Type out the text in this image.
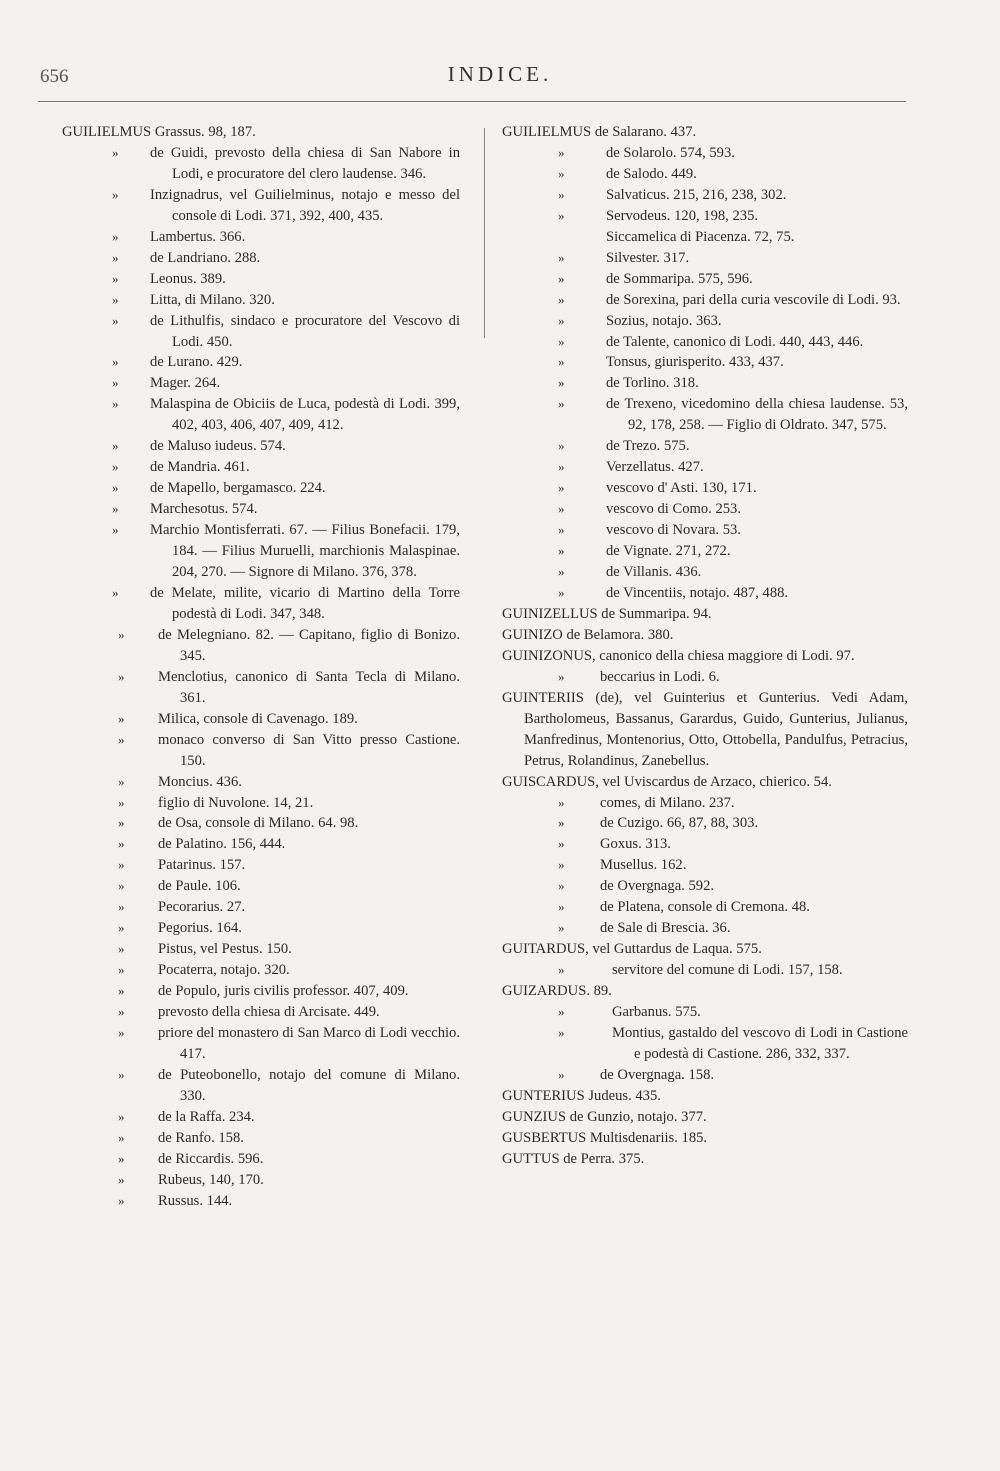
656	INDICE.
GUILIELMUS Grassus. 98, 187.
» de Guidi, prevosto della chiesa di San Nabore in Lodi, e procuratore del clero laudense. 346.
» Inzignadrus, vel Guilielminus, notajo e messo del console di Lodi. 371, 392, 400, 435.
» Lambertus. 366.
» de Landriano. 288.
» Leonus. 389.
» Litta, di Milano. 320.
» de Lithulfis, sindaco e procuratore del Vescovo di Lodi. 450.
» de Lurano. 429.
» Mager. 264.
» Malaspina de Obiciis de Luca, podestà di Lodi. 399, 402, 403, 406, 407, 409, 412.
» de Maluso iudeus. 574.
» de Mandria. 461.
» de Mapello, bergamasco. 224.
» Marchesotus. 574.
» Marchio Montisferrati. 67. — Filius Bonefacii. 179, 184. — Filius Muruelli, marchionis Malaspinae. 204, 270. — Signore di Milano. 376, 378.
» de Melate, milite, vicario di Martino della Torre podestà di Lodi. 347, 348.
» de Melegniano. 82. — Capitano, figlio di Bonizo. 345.
» Menclotius, canonico di Santa Tecla di Milano. 361.
» Milica, console di Cavenago. 189.
» monaco converso di San Vitto presso Castione. 150.
» Moncius. 436.
» figlio di Nuvolone. 14, 21.
» de Osa, console di Milano. 64. 98.
» de Palatino. 156, 444.
» Patarinus. 157.
» de Paule. 106.
» Pecorarius. 27.
» Pegorius. 164.
» Pistus, vel Pestus. 150.
» Pocaterra, notajo. 320.
» de Populo, juris civilis professor. 407, 409.
» prevosto della chiesa di Arcisate. 449.
» priore del monastero di San Marco di Lodi vecchio. 417.
» de Puteobonello, notajo del comune di Milano. 330.
» de la Raffa. 234.
» de Ranfo. 158.
» de Riccardis. 596.
» Rubeus, 140, 170.
» Russus. 144.
GUILIELMUS de Salarano. 437.
»	de Solarolo. 574, 593.
»	de Salodo. 449.
»	Salvaticus. 215, 216, 238, 302.
»	Servodeus. 120, 198, 235.
Siccamelica di Piacenza. 72, 75.
»	Silvester. 317.
»	de Sommaripa. 575, 596.
»	de Sorexina, pari della curia vescovile di Lodi. 93.
»	Sozius, notajo. 363.
»	de Talente, canonico di Lodi. 440, 443, 446.
»	Tonsus, giurisperito. 433, 437.
»	de Torlino. 318.
»	de Trexeno, vicedomino della chiesa laudense. 53, 92, 178, 258. — Figlio di Oldrato. 347, 575.
»	de Trezo. 575.
»	Verzellatus. 427.
»	vescovo d' Asti. 130, 171.
»	vescovo di Como. 253.
»	vescovo di Novara. 53.
»	de Vignate. 271, 272.
»	de Villanis. 436.
»	de Vincentiis, notajo. 487, 488.
GUINIZELLUS de Summaripa. 94.
GUINIZO de Belamora. 380.
GUINIZONUS, canonico della chiesa maggiore di Lodi. 97.
» beccarius in Lodi. 6.
GUINTERIIS (de), vel Guinterius et Gunterius. Vedi Adam, Bartholomeus, Bassanus, Garardus, Guido, Gunterius, Julianus, Manfredinus, Montenorius, Otto, Ottobella, Pandulfus, Petracius, Petrus, Rolandinus, Zanebellus.
GUISCARDUS, vel Uviscardus de Arzaco, chierico. 54.
» comes, di Milano. 237.
» de Cuzigo. 66, 87, 88, 303.
» Goxus. 313.
» Musellus. 162.
» de Overgnaga. 592.
» de Platena, console di Cremona. 48.
» de Sale di Brescia. 36.
GUITARDUS, vel Guttardus de Laqua. 575.
»	servitore del comune di Lodi. 157, 158.
GUIZARDUS. 89.
»	Garbanus. 575.
»	Montius, gastaldo del vescovo di Lodi in Castione e podestà di Castione. 286, 332, 337.
» de Overgnaga. 158.
GUNTERIUS Judeus. 435.
GUNZIUS de Gunzio, notajo. 377.
GUSBERTUS Multisdenariis. 185.
GUTTUS de Perra. 375.
